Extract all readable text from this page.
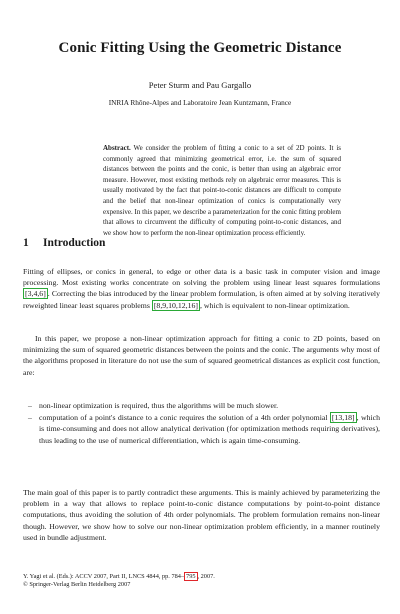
Conic Fitting Using the Geometric Distance
Peter Sturm and Pau Gargallo
INRIA Rhône-Alpes and Laboratoire Jean Kuntzmann, France

Abstract. We consider the problem of fitting a conic to a set of 2D points. It is commonly agreed that minimizing geometrical error, i.e. the sum of squared distances between the points and the conic, is better than using an algebraic error measure. However, most existing methods rely on algebraic error measures. This is usually motivated by the fact that point-to-conic distances are difficult to compute and the belief that non-linear optimization of conics is computationally very expensive. In this paper, we describe a parameterization for the conic fitting problem that allows to circumvent the difficulty of computing point-to-conic distances, and we show how to perform the non-linear optimization process efficiently.

1 Introduction

Fitting of ellipses, or conics in general, to edge or other data is a basic task in computer vision and image processing. Most existing works concentrate on solving the problem using linear least squares formulations [3,4,6] . Correcting the bias introduced by the linear problem formulation, is often aimed at by solving iteratively reweighted linear least squares problems [8,9,10,12,16] , which is equivalent to non-linear optimization.

In this paper, we propose a non-linear optimization approach for fitting a conic to 2D points, based on minimizing the sum of squared geometric distances between the points and the conic. The arguments why most of the algorithms proposed in literature do not use the sum of squared geometrical distances as explicit cost function, are:

– non-linear optimization is required, thus the algorithms will be much slower.
– computation of a point's distance to a conic requires the solution of a 4th order polynomial [13,18] , which is time-consuming and does not allow analytical derivation (for optimization methods requiring derivatives), thus leading to the use of numerical differentiation, which is again time-consuming.

The main goal of this paper is to partly contradict these arguments. This is mainly achieved by parameterizing the problem in a way that allows to replace point-to-conic distance computations by point-to-point distance computations, thus avoiding the solution of 4th order polynomials. The problem formulation remains non-linear though. However, we show how to solve our non-linear optimization problem efficiently, in a manner routinely used in bundle adjustment.

Y. Yagi et al. (Eds.): ACCV 2007, Part II, LNCS 4844, pp. 784– 795 , 2007.
© Springer-Verlag Berlin Heidelberg 2007
